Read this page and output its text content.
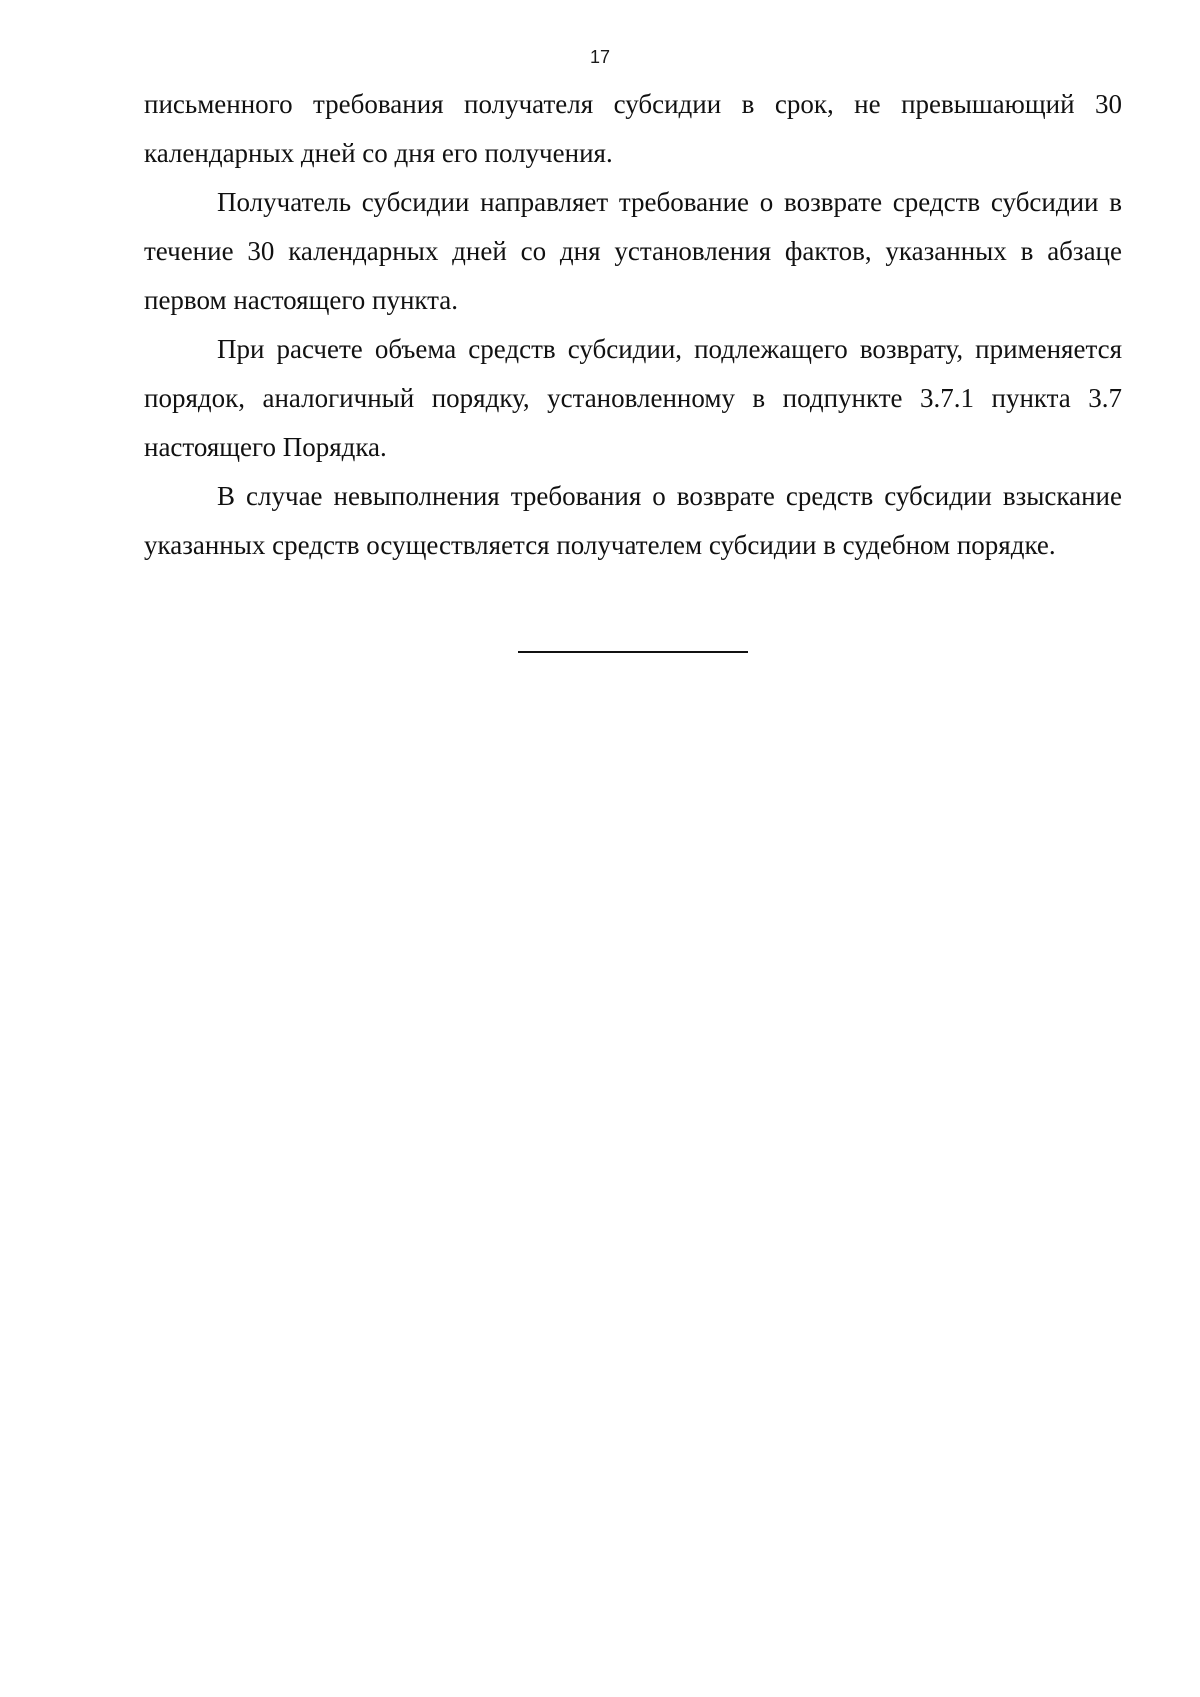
17

письменного требования получателя субсидии в срок, не превышающий 30 календарных дней со дня его получения.

Получатель субсидии направляет требование о возврате средств субсидии в течение 30 календарных дней со дня установления фактов, указанных в абзаце первом настоящего пункта.

При расчете объема средств субсидии, подлежащего возврату, применяется порядок, аналогичный порядку, установленному в подпункте 3.7.1 пункта 3.7 настоящего Порядка.

В случае невыполнения требования о возврате средств субсидии взыскание указанных средств осуществляется получателем субсидии в судебном порядке.
